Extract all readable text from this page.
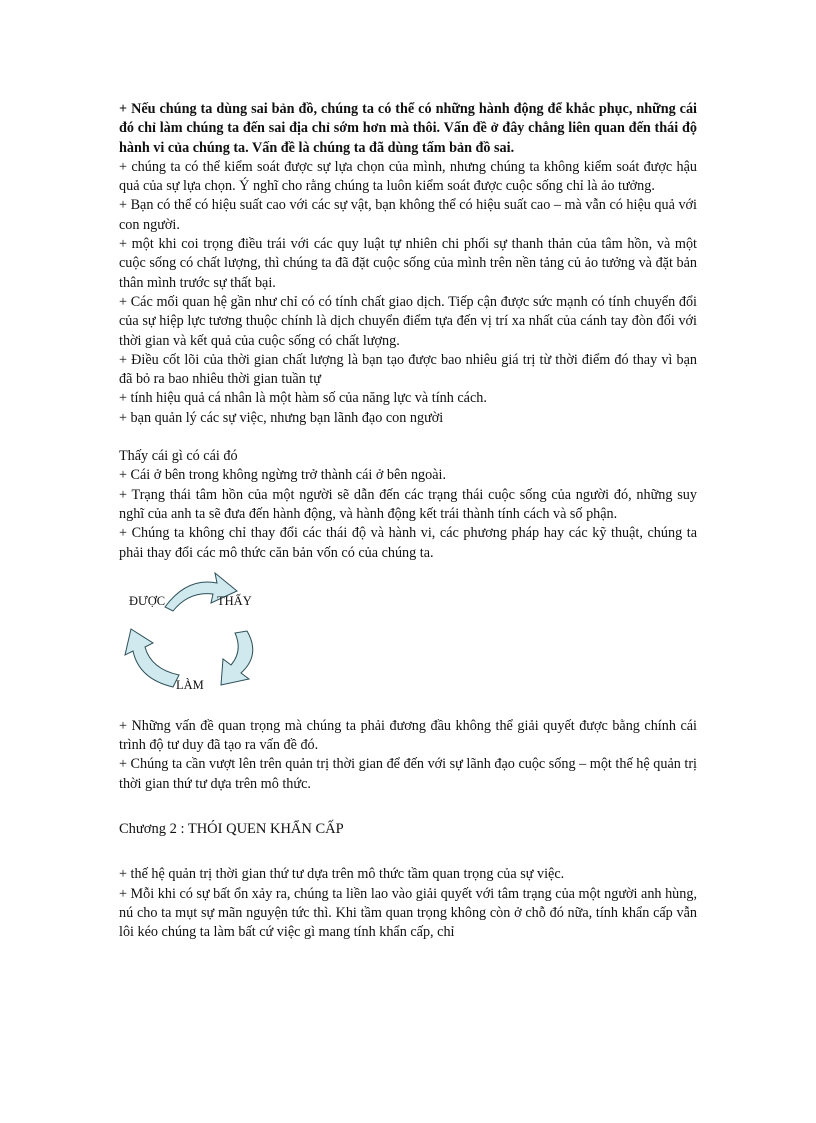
+ Nếu chúng ta dùng sai bản đồ, chúng ta có thể có những hành động để khắc phục, những cái đó chỉ làm chúng ta đến sai địa chỉ sớm hơn mà thôi. Vấn đề ở đây chẳng liên quan đến thái độ hành vi của chúng ta. Vấn đề là chúng ta đã dùng tấm bản đồ sai.

+ chúng ta có thể kiểm soát được sự lựa chọn của mình, nhưng chúng ta không kiểm soát được hậu quả của sự lựa chọn. Ý nghĩ cho rằng chúng ta luôn kiểm soát được cuộc sống chỉ là ảo tưởng.

+ Bạn có thể có hiệu suất cao với các sự vật, bạn không thể có hiệu suất cao – mà vẫn có hiệu quả với con người.

+ một khi coi trọng điều trái với các quy luật tự nhiên chi phối sự thanh thản của tâm hồn, và một cuộc sống có chất lượng, thì chúng ta đã đặt cuộc sống của mình trên nền tảng củ ảo tưởng và đặt bản thân mình trước sự thất bại.

+ Các mối quan hệ gần như chỉ có có tính chất giao dịch. Tiếp cận được sức mạnh có tính chuyển đổi của sự hiệp lực tương thuộc chính là dịch chuyển điểm tựa đến vị trí xa nhất của cánh tay đòn đối với thời gian và kết quả của cuộc sống có chất lượng.

+ Điều cốt lõi của thời gian chất lượng là bạn tạo được bao nhiêu giá trị từ thời điểm đó thay vì bạn đã bỏ ra bao nhiêu thời gian tuần tự

+ tính hiệu quả cá nhân là một hàm số của năng lực và tính cách.

+ bạn quản lý các sự việc, nhưng bạn lãnh đạo con người

Thấy cái gì có cái đó

+ Cái ở bên trong không ngừng trở thành cái ở bên ngoài.

+ Trạng thái tâm hồn của một người sẽ dẫn đến các trạng thái cuộc sống của người đó, những suy nghĩ của anh ta sẽ đưa đến hành động, và hành động kết trái thành tính cách và số phận.

+ Chúng ta không chỉ thay đổi các thái độ và hành vi, các phương pháp hay các kỹ thuật, chúng ta phải thay đổi các mô thức căn bản vốn có của chúng ta.

ĐƯỢC	THẤY
LÀM

+ Những vấn đề quan trọng mà chúng ta phải đương đầu không thể giải quyết được bằng chính cái trình độ tư duy đã tạo ra vấn đề đó.

+ Chúng ta cần vượt lên trên quản trị thời gian để đến với sự lãnh đạo cuộc sống – một thế hệ quản trị thời gian thứ tư dựa trên mô thức.

Chương 2 : THÓI QUEN KHẨN CẤP

+ thế hệ quản trị thời gian thứ tư dựa trên mô thức tầm quan trọng của sự việc.

+ Mỗi khi có sự bất ổn xảy ra, chúng ta liền lao vào giải quyết với tâm trạng của một người anh hùng, nú cho ta mụt sự mãn nguyện tức thì. Khi tầm quan trọng không còn ở chỗ đó nữa, tính khẩn cấp vẫn lôi kéo chúng ta làm bất cứ việc gì mang tính khẩn cấp, chỉ
